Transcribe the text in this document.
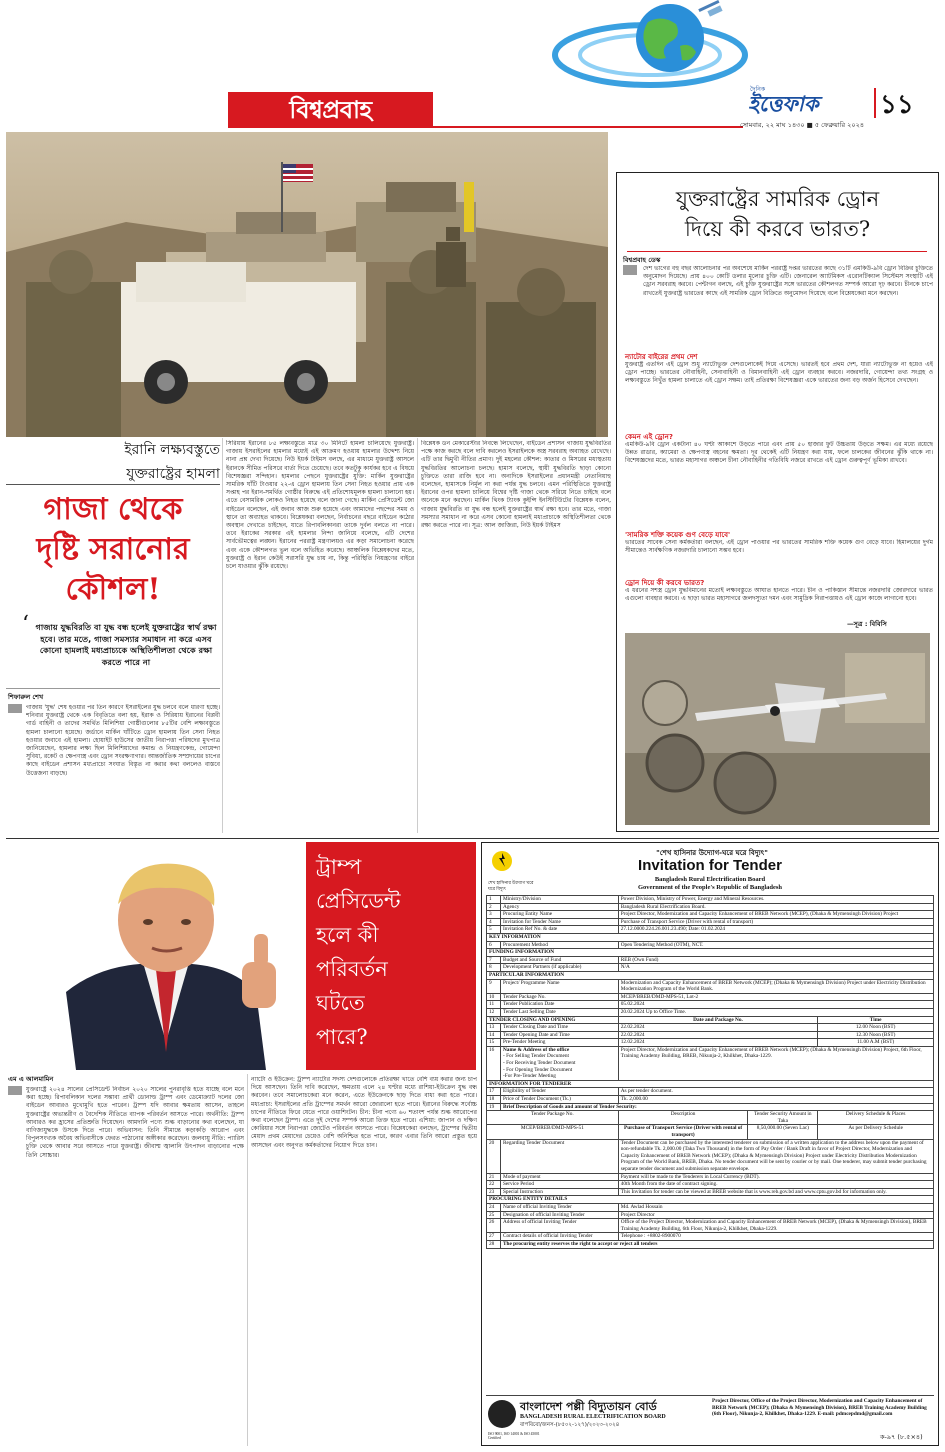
বিশ্বপ্রবাহ
দৈনিক
ইত্তেফাক ১১
সোমবার, ২২ মাঘ ১৪৩০ ■ ৫ ফেব্রুয়ারি ২০২৪
যুক্তরাষ্ট্রের সামরিক ড্রোন
দিয়ে কী করবে ভারত?
বিশ্বপ্রবাহ ডেস্ক
দেশ ভাগের বহু বছর আলোচনার পর অবশেষে মার্কিন পররাষ্ট্র দপ্তর ভারতের কাছে ৩১টি এমকিউ-৯বি ড্রোন বিক্রির চুক্তিতে অনুমোদন দিয়েছে। প্রায় ৪০০ কোটি ডলার মূল্যের চুক্তি এটি। জেনারেল অ্যাটমিকস এরোনটিক্যাল সিস্টেমস সংস্থাটি এই ড্রোন সরবরাহ করবে। পেন্টাগন বলছে, এই চুক্তি যুক্তরাষ্ট্রের সঙ্গে ভারতের কৌশলগত সম্পর্ক আরো দৃঢ় করবে। চীনকে চাপে রাখতেই যুক্তরাষ্ট্র ভারতের কাছে এই সামরিক ড্রোন বিক্রিতে অনুমোদন দিয়েছে বলে বিশ্লেষকেরা মনে করছেন।
ন্যাটোর বাইরের প্রথম দেশ
যুক্তরাষ্ট্র এতদিন এই ড্রোন শুধু ন্যাটোভুক্ত দেশগুলোকেই দিয়ে এসেছে। ভারতই হবে প্রথম দেশ, যারা ন্যাটোভুক্ত না হয়েও এই ড্রোন পাচ্ছে। ভারতের নৌবাহিনী, সেনাবাহিনী ও বিমানবাহিনী এই ড্রোন ব্যবহার করবে। নজরদারি, গোয়েন্দা তথ্য সংগ্রহ ও লক্ষ্যবস্তুতে নিখুঁত হামলা চালাতে এই ড্রোন সক্ষম। তাই প্রতিরক্ষা বিশেষজ্ঞরা একে ভারতের জন্য বড় অর্জন হিসেবে দেখছেন।
কেমন এই ড্রোন?
এমকিউ-৯বি ড্রোন একটানা ৪০ ঘণ্টা আকাশে উড়তে পারে এবং প্রায় ৫০ হাজার ফুট উচ্চতায় উড়তে সক্ষম। এর মধ্যে রয়েছে উন্নত রাডার, ক্যামেরা ও ক্ষেপণাস্ত্র বহনের ক্ষমতা। দূর থেকেই এটি নিয়ন্ত্রণ করা যায়, ফলে চালকের জীবনের ঝুঁকি থাকে না। বিশেষজ্ঞদের মতে, ভারত মহাসাগর অঞ্চলে চীনা নৌবাহিনীর গতিবিধি নজরে রাখতে এই ড্রোন গুরুত্বপূর্ণ ভূমিকা রাখবে।
'সামরিক শক্তি কয়েক গুণ বেড়ে যাবে'
ভারতের সাবেক সেনা কর্মকর্তারা বলছেন, এই ড্রোন পাওয়ার পর ভারতের সামরিক শক্তি কয়েক গুণ বেড়ে যাবে। হিমালয়ের দুর্গম সীমান্তেও সার্বক্ষণিক নজরদারি চালানো সম্ভব হবে।
ড্রোন দিয়ে কী করবে ভারত?
এ ধরনের সশস্ত্র ড্রোন যুদ্ধবিমানের মতোই লক্ষ্যবস্তুতে আঘাত হানতে পারে। চীন ও পাকিস্তান সীমান্তে নজরদারি জোরদারে ভারত এগুলো ব্যবহার করবে। এ ছাড়া ভারত মহাসাগরে জলদস্যুতা দমন এবং সামুদ্রিক নিরাপত্তায়ও এই ড্রোন কাজে লাগানো হবে।
—সূত্র : বিবিসি
ইরানি লক্ষ্যবস্তুতে
যুক্তরাষ্ট্রের হামলা
গাজা থেকে
দৃষ্টি সরানোর
কৌশল!
‘ গাজায় যুদ্ধবিরতি বা যুদ্ধ বন্ধ হলেই যুক্তরাষ্ট্রের স্বার্থ রক্ষা হবে। তার মতে, গাজা সমস্যার সমাধান না করে এসব কোনো হামলাই মধ্যপ্রাচ্যকে অস্থিতিশীলতা থেকে রক্ষা করতে পারে না
শিফারুল শেখ
গাজায় 'যুদ্ধ' শেষ হওয়ার পর তিন কারণে ইসরাইলের যুদ্ধ চলবে বলে ধারণা হচ্ছে। শনিবার যুক্তরাষ্ট্র থেকে এক বিবৃতিতে বলা হয়, ইরাক ও সিরিয়ায় ইরানের বিপ্লবী গার্ড বাহিনী ও তাদের সমর্থিত মিলিশিয়া গোষ্ঠীগুলোর ৮৫টির বেশি লক্ষ্যবস্তুতে হামলা চালানো হয়েছে। জর্ডানে মার্কিন ঘাঁটিতে ড্রোন হামলায় তিন সেনা নিহত হওয়ার জবাবে এই হামলা। হোয়াইট হাউসের জাতীয় নিরাপত্তা পরিষদের মুখপাত্র জানিয়েছেন, হামলার লক্ষ্য ছিল মিলিশিয়াদের কমান্ড ও নিয়ন্ত্রণকেন্দ্র, গোয়েন্দা সুবিধা, রকেট ও ক্ষেপণাস্ত্র এবং ড্রোন সংরক্ষণাগার। আন্তর্জাতিক সম্প্রদায়ের চাপের কাছে বাইডেন প্রশাসন মধ্যপ্রাচ্যে সংঘাত বিস্তৃত না করার কথা বললেও বাস্তবে উত্তেজনা বাড়ছে।
সিরিয়ায় ইরানের ৮৫ লক্ষ্যবস্তুতে মাত্র ৩০ মিনিটে হামলা চালিয়েছে যুক্তরাষ্ট্র। গাজায় ইসরাইলের হামলার মধ্যেই এই আক্রমণ হওয়ায় হামলার উদ্দেশ্য নিয়ে নানা প্রশ্ন দেখা দিয়েছে। নিউ ইয়র্ক টাইমস বলছে, এর মাধ্যমে যুক্তরাষ্ট্র আসলে ইরানকে সীমিত পরিসরে বার্তা দিতে চেয়েছে। তবে কতটুকু কার্যকর হবে এ বিষয়ে বিশেষজ্ঞরা সন্দিহান। হামলার পেছনে যুক্তরাষ্ট্রের যুক্তি: মার্কিন যুক্তরাষ্ট্রের সামরিক ঘাঁটি টাওয়ার ২২-এ ড্রোন হামলায় তিন সেনা নিহত হওয়ার প্রায় এক সপ্তাহ পর ইরান-সমর্থিত গোষ্ঠীর বিরুদ্ধে এই প্রতিশোধমূলক হামলা চালানো হয়। এতে বেসামরিক লোকও নিহত হয়েছে বলে জানা গেছে। মার্কিন প্রেসিডেন্ট জো বাইডেন বলেছেন, এই জবাব আজ শুরু হয়েছে এবং আমাদের পছন্দের সময় ও স্থানে তা অব্যাহত থাকবে। বিশ্লেষকরা বলছেন, নির্বাচনের বছরে বাইডেন কঠোর অবস্থান দেখাতে চাইছেন, যাতে রিপাবলিকানরা তাকে দুর্বল বলতে না পারে। তবে ইরাকের সরকার এই হামলার নিন্দা জানিয়ে বলেছে, এটি দেশের সার্বভৌমত্বের লঙ্ঘন। ইরানের পররাষ্ট্র মন্ত্রণালয়ও এর কড়া সমালোচনা করেছে এবং একে কৌশলগত ভুল বলে অভিহিত করেছে। আঞ্চলিক বিশ্লেষকদের মতে, যুক্তরাষ্ট্র ও ইরান কেউই সরাসরি যুদ্ধ চায় না, কিন্তু পরিস্থিতি নিয়ন্ত্রণের বাইরে চলে যাওয়ার ঝুঁকি রয়েছে।
বিশ্লেষক ডন মেকারেস্টার নিবন্ধে লিখেছেন, বাইডেন প্রশাসন গাজায় যুদ্ধবিরতির পক্ষে কাজ করছে বলে দাবি করলেও ইসরাইলকে অস্ত্র সরবরাহ অব্যাহত রেখেছে। এটি তার দ্বিমুখী নীতির প্রমাণ। দুই মহলের কৌশল: কাতার ও মিসরের মধ্যস্থতায় যুদ্ধবিরতির আলোচনা চলছে। হামাস বলেছে, স্থায়ী যুদ্ধবিরতি ছাড়া কোনো চুক্তিতে তারা রাজি হবে না। অন্যদিকে ইসরাইলের প্রধানমন্ত্রী নেতানিয়াহু বলেছেন, হামাসকে নির্মূল না করা পর্যন্ত যুদ্ধ চলবে। এমন পরিস্থিতিতে যুক্তরাষ্ট্র ইরানের ওপর হামলা চালিয়ে বিশ্বের দৃষ্টি গাজা থেকে সরিয়ে নিতে চাইছে বলে অনেকে মনে করছেন। মার্কিন থিংক ট্যাংক কুইন্সি ইনস্টিটিউটের বিশ্লেষক বলেন, গাজায় যুদ্ধবিরতি বা যুদ্ধ বন্ধ হলেই যুক্তরাষ্ট্রের স্বার্থ রক্ষা হবে। তার মতে, গাজা সমস্যার সমাধান না করে এসব কোনো হামলাই মধ্যপ্রাচ্যকে অস্থিতিশীলতা থেকে রক্ষা করতে পারে না। সূত্র: আল জাজিরা, নিউ ইয়র্ক টাইমস
ট্রাম্প
প্রেসিডেন্ট
হলে কী
পরিবর্তন
ঘটতে
পারে?
এম এ আলমামিন
যুক্তরাষ্ট্রে ২০২৪ সালের প্রেসিডেন্ট নির্বাচন ২০২০ সালের পুনরাবৃত্তি হতে যাচ্ছে বলে মনে করা হচ্ছে। রিপাবলিকান দলের সম্ভাব্য প্রার্থী ডোনাল্ড ট্রাম্প এবং ডেমোক্র্যাট দলের জো বাইডেন আবারও মুখোমুখি হতে পারেন। ট্রাম্প যদি আবার ক্ষমতায় আসেন, তাহলে যুক্তরাষ্ট্রের অভ্যন্তরীণ ও বৈদেশিক নীতিতে ব্যাপক পরিবর্তন আসতে পারে। অর্থনীতি: ট্রাম্প আবারও কর হ্রাসের প্রতিশ্রুতি দিয়েছেন। আমদানি পণ্যে শুল্ক বাড়ানোর কথা বলেছেন, যা বাণিজ্যযুদ্ধকে উসকে দিতে পারে। অভিবাসন: তিনি সীমান্তে কড়াকড়ি আরোপ এবং বিপুলসংখ্যক অবৈধ অভিবাসীকে ফেরত পাঠানোর অঙ্গীকার করেছেন। জলবায়ু নীতি: প্যারিস চুক্তি থেকে আবার সরে আসতে পারে যুক্তরাষ্ট্র। জীবাশ্ম জ্বালানি উৎপাদন বাড়ানোর পক্ষে তিনি সোচ্চার।
ন্যাটো ও ইউক্রেন: ট্রাম্প ন্যাটোর সদস্য দেশগুলোকে প্রতিরক্ষা খাতে বেশি ব্যয় করার জন্য চাপ দিয়ে আসছেন। তিনি দাবি করেছেন, ক্ষমতায় এলে ২৪ ঘণ্টার মধ্যে রাশিয়া-ইউক্রেন যুদ্ধ বন্ধ করবেন। তবে সমালোচকেরা মনে করেন, এতে ইউক্রেনকে ছাড় দিতে বাধ্য করা হতে পারে। মধ্যপ্রাচ্য: ইসরাইলের প্রতি ট্রাম্পের সমর্থন আরো জোরালো হতে পারে। ইরানের বিরুদ্ধে সর্বোচ্চ চাপের নীতিতে ফিরে যেতে পারে ওয়াশিংটন। চীন: চীনা পণ্যে ৬০ শতাংশ পর্যন্ত শুল্ক আরোপের কথা বলেছেন ট্রাম্প। এতে দুই দেশের সম্পর্ক আরো তিক্ত হতে পারে। এশিয়া: জাপান ও দক্ষিণ কোরিয়ার সঙ্গে নিরাপত্তা জোটেও পরিবর্তন আসতে পারে। বিশ্লেষকেরা বলছেন, ট্রাম্পের দ্বিতীয় মেয়াদ প্রথম মেয়াদের চেয়েও বেশি অনিশ্চিত হতে পারে, কারণ এবার তিনি আরো প্রস্তুত হয়ে আসছেন এবং অনুগত কর্মকর্তাদের নিয়োগ দিতে চান।
শেখ হাসিনার উদ্যোগ ঘরে ঘরে বিদ্যুৎ
"শেখ হাসিনার উদ্যোগ-ঘরে ঘরে বিদ্যুৎ"
Invitation for Tender
Bangladesh Rural Electrification Board
Government of the People's Republic of Bangladesh
1	Ministry/Division	Power Division, Ministry of Power, Energy and Mineral Resources.		
2	Agency	Bangladesh Rural Electrification Board.		
3	Procuring Entity Name	Project Director, Modernization and Capacity Enhancement of BREB Network (MCEP), (Dhaka & Mymensingh Division) Project		
4	Invitation for Tender Name	Purchase of Transport Service (Driver with rental of transport)		
5	Invitation Ref No. & date	27.12.0000.224.26.001.23.490; Date: 01.02.2024		
KEY INFORMATION				
6	Procurement Method	Open Tendering Method (OTM), NCT.		
FUNDING INFORMATION				
7	Budget and Source of Fund	REB (Own Fund)		
8	Development Partners (if applicable)	N/A		
PARTICULAR INFORMATION				
9	Project/ Programme Name	Modernization and Capacity Enhancement of BREB Network (MCEP); (Dhaka & Mymensingh Division) Project under Electricity Distribution Modernization Program of the World Bank.		
10	Tender Package No.	MCEP/BREB/DMD-MPS-51, Lot-2		
11	Tender Publication Date	05.02.2024		
12	Tender Last Selling Date	20.02.2024 Up to Office Time.		
TENDER CLOSING AND OPENING		Date and Package No.		Time
13	Tender Closing Date and Time	22.02.2024		12.00 Noon (BST)
14	Tender Opening Date and Time	22.02.2024		12.30 Noon (BST)
15	Pre-Tender Meeting	12.02.2024		11.00 A.M (BST)
16	Name & Address of the office
- For Selling Tender Document
- For Receiving Tender Document
- For Opening Tender Document
-For Pre-Tender Meeting	Project Director, Modernization and Capacity Enhancement of BREB Network (MCEP); (Dhaka & Mymensingh Division) Project, 6th Floor, Training Academy Building, BREB, Nikunja-2, Khilkhet, Dhaka-1229.		
INFORMATION FOR TENDERER				
17	Eligibility of Tender	As per tender document.		
18	Price of Tender Document (Tk.)	Tk. 2,000.00		
19	Brief Description of Goods and amount of Tender Security:			
Tender Package No.		Description	Tender Security Amount in Taka	Delivery Schedule & Places
MCEP/BREB/DMD-MPS-51		Purchase of Transport Service (Driver with rental of transport)	8,50,000.00 (Seven Lac)	As per Delivery Schedule
20	Regarding Tender Document	Tender Document can be purchased by the interested tenderer on submission of a written application to the address below upon the payment of non-refundable Tk. 2,000.00 (Taka Two Thousand) in the form of Pay Order / Bank Draft in favor of Project Director, Modernization and Capacity Enhancement of BREB Network (MCEP); (Dhaka & Mymensingh Division) Project under Electricity Distribution Modernization Program of the World Bank, BREB, Dhaka. No tender document will be sent by courier or by mail. One tenderer, may submit tender purchasing separate tender document and submission separate envelope.		
21	Mode of payment	Payment will be made to the Tenderers in Local Currency (BDT).		
22	Service Period	40th Month from the date of contract signing.		
23	Special Instruction	This Invitation for tender can be viewed at BREB website that is www.reb.gov.bd and www.cptu.gov.bd for information only.		
PROCURING ENTITY DETAILS				
24	Name of official Inviting Tender	Md. Awlad Hossain		
25	Designation of official Inviting Tender	Project Director		
26	Address of official Inviting Tender	Office of the Project Director, Modernization and Capacity Enhancement of BREB Network (MCEP), (Dhaka & Mymensingh Division), BREB Training Academy Building, 6th Floor, Nikunja-2, Khilkhet, Dhaka-1229.		
27	Contract details of official Inviting Tender	Telephone : +8802-8900070		
28	The procuring entity reserves the right to accept or reject all tenders			
বাংলাদেশ পল্লী বিদ্যুতায়ন বোর্ড
BANGLADESH RURAL ELECTRIFICATION BOARD
বাপবিবো/জনস-(৮৫০২-১২৭)/২০২৩-২০২৪
ISO 9001, ISO 14001 & ISO 45001 Certified
Project Director, Office of the Project Director, Modernization and Capacity Enhancement of BREB Network (MCEP); (Dhaka & Mymensingh Division), BREB Training Academy Building (6th Floor), Nikunja-2, Khilkhet, Dhaka-1229. E-mail: pdmcepdmd@gmail.com
ক-৯৭ (৮.৫×৪)
